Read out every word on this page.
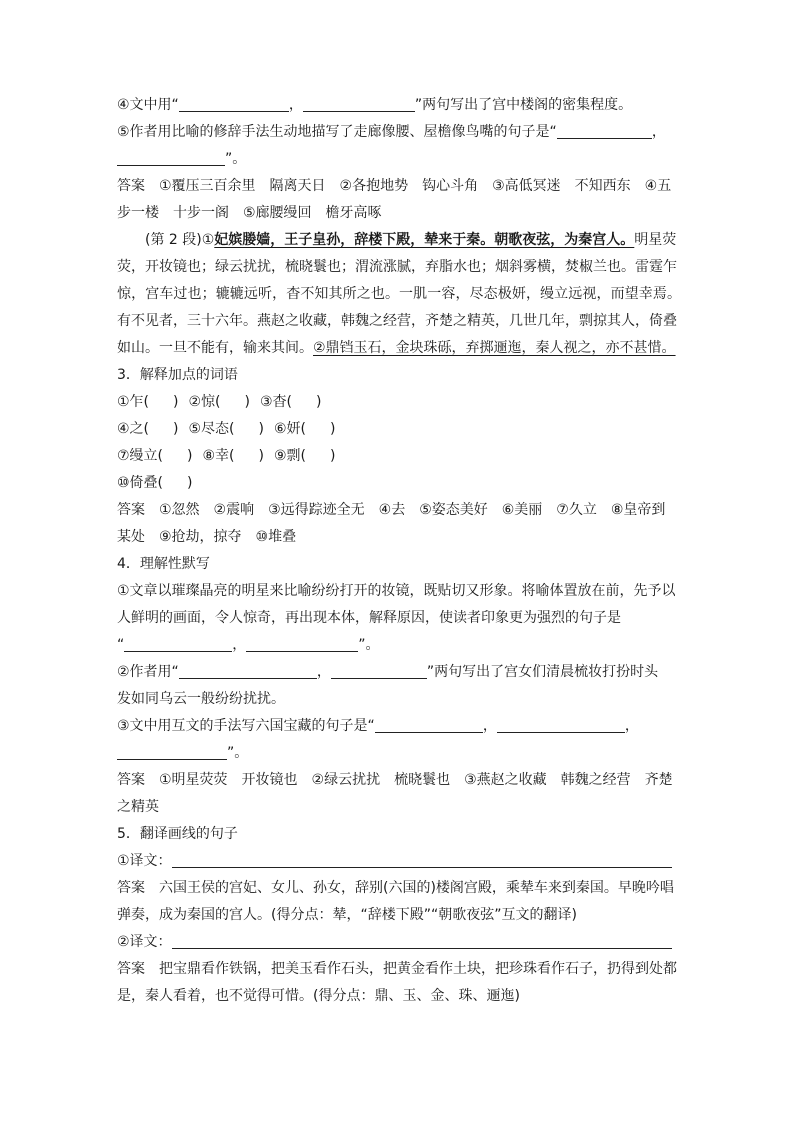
④文中用“	，	”两句写出了宫中楼阁的密集程度。
⑤作者用比喻的修辞手法生动地描写了走廊像腰、屋檐像鸟嘴的句子是“	，
”。
答案 ①覆压三百余里　隔离天日　②各抱地势　钩心斗角　③高低冥迷　不知西东　④五
步一楼　十步一阁　⑤廊腰缦回　檐牙高啄
(第 2 段)①妃嫔媵嫱，王子皇孙，辞楼下殿，辇来于秦。朝歌夜弦，为秦宫人。明星荧
荧，开妆镜也；绿云扰扰，梳晓鬟也；渭流涨腻，弃脂水也；烟斜雾横，焚椒兰也。雷霆乍
惊，宫车过也；辘辘远听，杳不知其所之也。一肌一容，尽态极妍，缦立远视，而望幸焉。
有不见者，三十六年。燕赵之收藏，韩魏之经营，齐楚之精英，几世几年，剽掠其人，倚叠
如山。一旦不能有，输来其间。②鼎铛玉石，金块珠砾，弃掷逦迤，秦人视之，亦不甚惜。
3．解释加点的词语
①乍( ) ②惊( ) ③杳( )
④之( ) ⑤尽态( ) ⑥妍( )
⑦缦立( ) ⑧幸( ) ⑨剽( )
⑩倚叠( )
答案 ①忽然　②震响　③远得踪迹全无　④去　⑤姿态美好　⑥美丽　⑦久立　⑧皇帝到
某处　⑨抢劫，掠夺　⑩堆叠
4．理解性默写
①文章以璀璨晶亮的明星来比喻纷纷打开的妆镜，既贴切又形象。将喻体置放在前，先予以
人鲜明的画面，令人惊奇，再出现本体，解释原因，使读者印象更为强烈的句子是
“	，	”。
②作者用“	，	”两句写出了宫女们清晨梳妆打扮时头
发如同乌云一般纷纷扰扰。
③文中用互文的手法写六国宝藏的句子是“	，	，
”。
答案 ①明星荧荧　开妆镜也　②绿云扰扰　梳晓鬟也　③燕赵之收藏　韩魏之经营　齐楚
之精英
5．翻译画线的句子
①译文：
答案 六国王侯的宫妃、女儿、孙女，辞别(六国的)楼阁宫殿，乘辇车来到秦国。早晚吟唱
弹奏，成为秦国的宫人。(得分点：辇，“辞楼下殿”“朝歌夜弦”互文的翻译)
②译文：
答案 把宝鼎看作铁锅，把美玉看作石头，把黄金看作土块，把珍珠看作石子，扔得到处都
是，秦人看着，也不觉得可惜。(得分点：鼎、玉、金、珠、逦迤)
